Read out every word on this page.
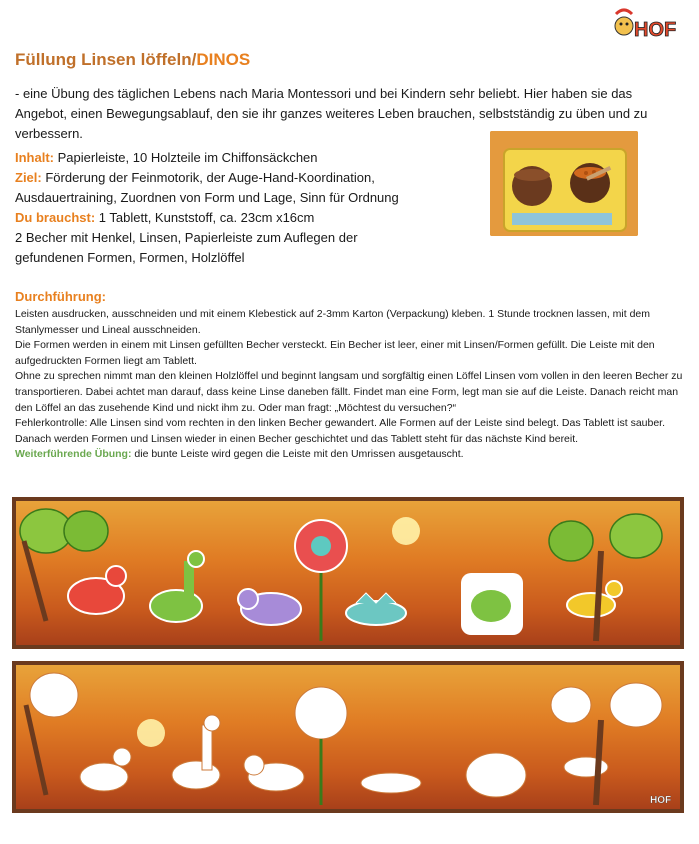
HOF
Füllung Linsen löffeln/DINOS
- eine Übung des täglichen Lebens nach Maria Montessori und bei Kindern sehr beliebt. Hier haben sie das Angebot, einen Bewegungsablauf, den sie ihr ganzes weiteres Leben brauchen, selbstständig zu üben und zu verbessern.
Inhalt: Papierleiste, 10 Holzteile im Chiffonsäckchen
Ziel: Förderung der Feinmotorik, der Auge-Hand-Koordination,
Ausdauertraining, Zuordnen von Form und Lage, Sinn für Ordnung
Du brauchst: 1 Tablett, Kunststoff, ca. 23cm x16cm
2 Becher mit Henkel, Linsen, Papierleiste zum Auflegen der
gefundenen Formen, Formen, Holzlöffel
Durchführung:

Leisten ausdrucken, ausschneiden und mit einem Klebestick auf 2-3mm Karton (Verpackung) kleben. 1 Stunde trocknen lassen, mit dem Stanlymesser und Lineal ausschneiden.

Die Formen werden in einem mit Linsen gefüllten Becher versteckt. Ein Becher ist leer, einer mit Linsen/Formen gefüllt. Die Leiste mit den aufgedruckten Formen liegt am Tablett.

Ohne zu sprechen nimmt man den kleinen Holzlöffel und beginnt langsam und sorgfältig einen Löffel Linsen vom vollen in den leeren Becher zu transportieren. Dabei achtet man darauf, dass keine Linse daneben fällt. Findet man eine Form, legt man sie auf die Leiste. Danach reicht man den Löffel an das zusehende Kind und nickt ihm zu. Oder man fragt: „Möchtest du versuchen?“

Fehlerkontrolle: Alle Linsen sind vom rechten in den linken Becher gewandert. Alle Formen auf der Leiste sind belegt. Das Tablett ist sauber.

Danach werden Formen und Linsen wieder in einen Becher geschichtet und das Tablett steht für das nächste Kind bereit.

Weiterführende Übung: die bunte Leiste wird gegen die Leiste mit den Umrissen ausgetauscht.

HOF
